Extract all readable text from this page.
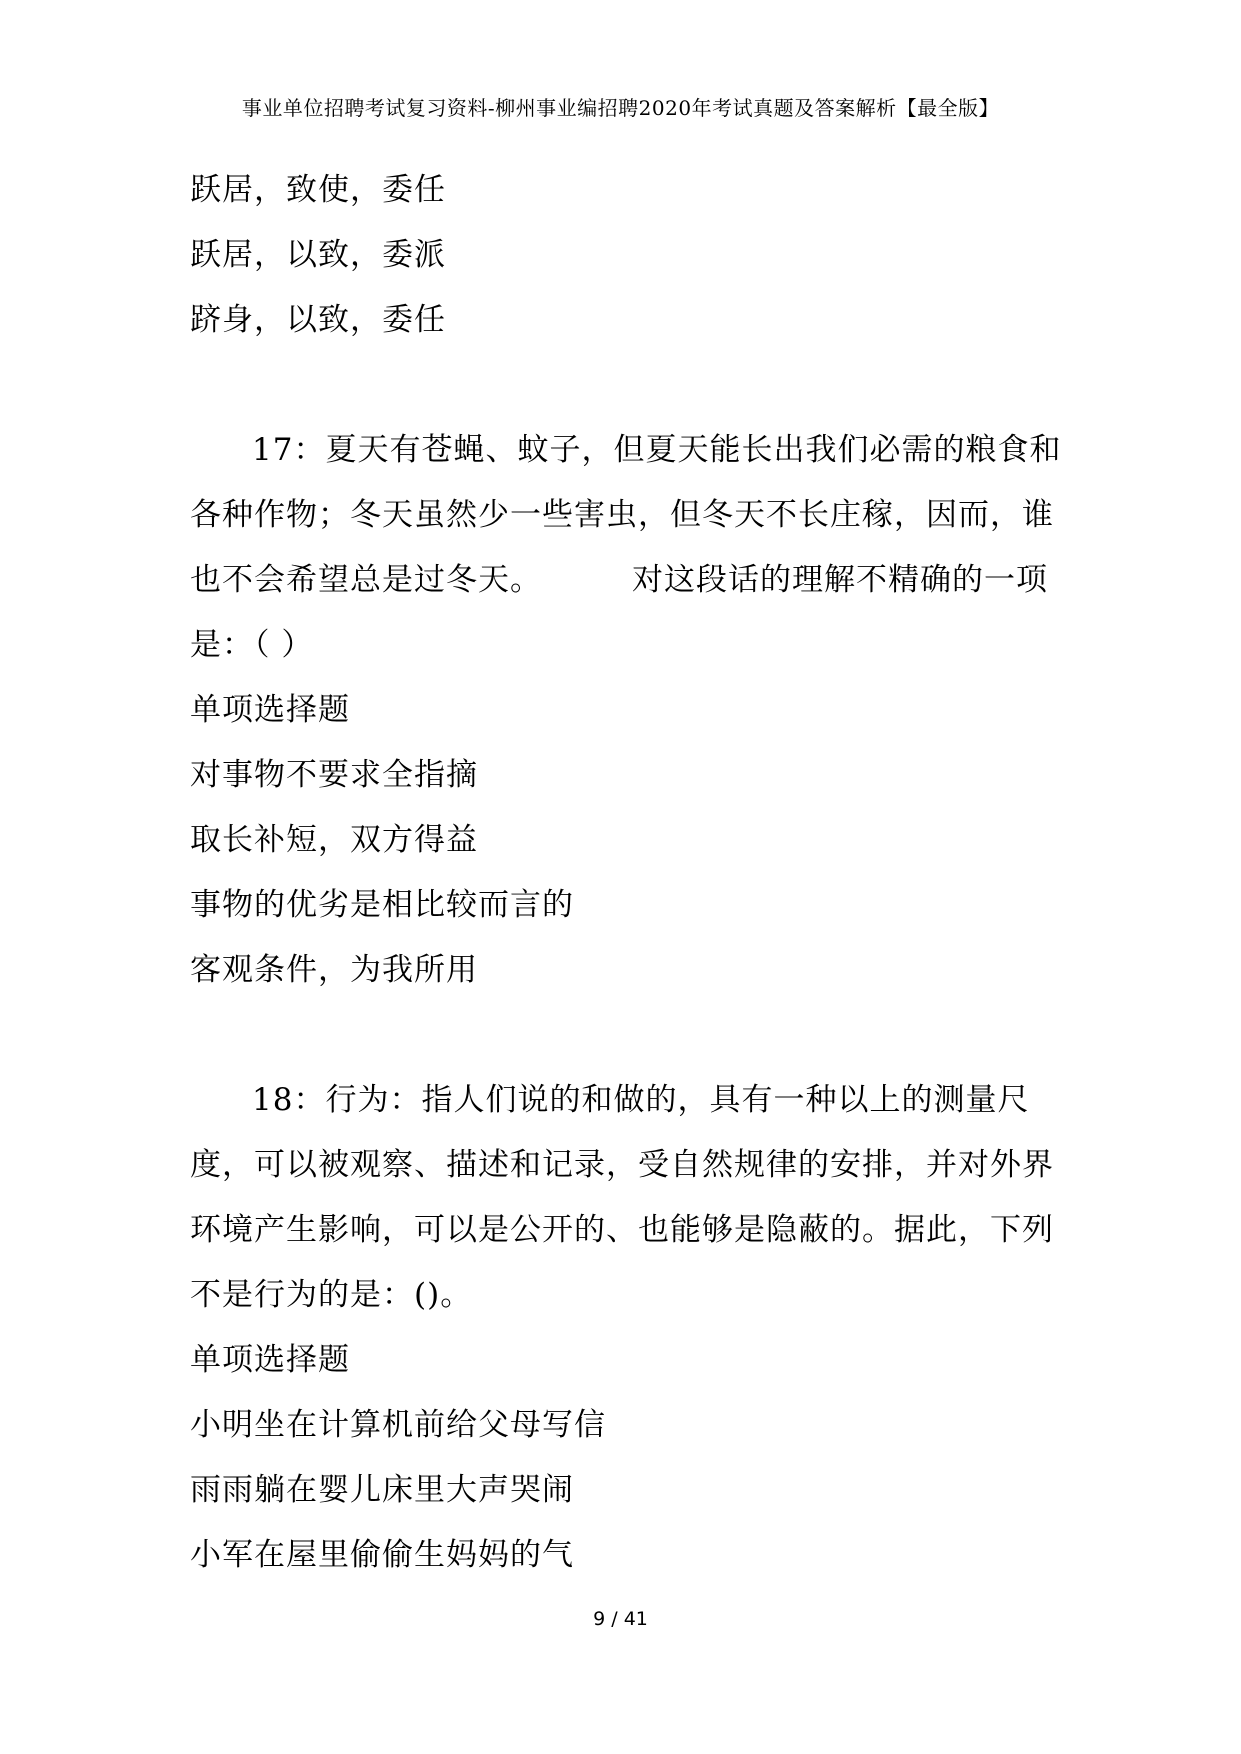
事业单位招聘考试复习资料-柳州事业编招聘2020年考试真题及答案解析【最全版】
跃居，致使，委任
跃居，以致，委派
跻身，以致，委任
17：夏天有苍蝇、蚊子，但夏天能长出我们必需的粮食和各种作物；冬天虽然少一些害虫，但冬天不长庄稼，因而，谁也不会希望总是过冬天。	对这段话的理解不精确的一项是：（ ）
单项选择题
对事物不要求全指摘
取长补短，双方得益
事物的优劣是相比较而言的
客观条件，为我所用
18：行为：指人们说的和做的，具有一种以上的测量尺度，可以被观察、描述和记录，受自然规律的安排，并对外界环境产生影响，可以是公开的、也能够是隐蔽的。据此，下列不是行为的是：()。
单项选择题
小明坐在计算机前给父母写信
雨雨躺在婴儿床里大声哭闹
小军在屋里偷偷生妈妈的气
9 / 41
